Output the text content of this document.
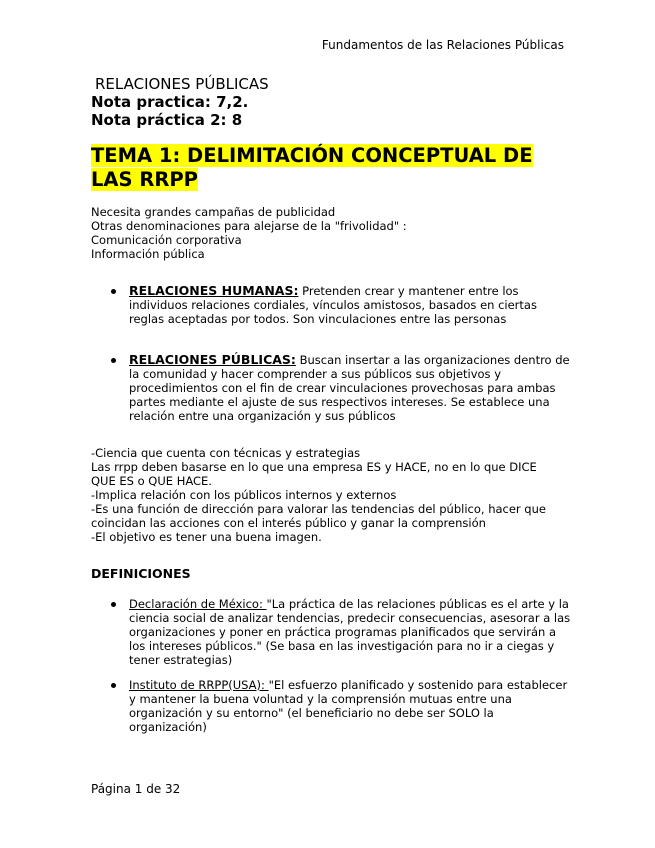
Fundamentos de las Relaciones Públicas
RELACIONES PÚBLICAS
Nota practica: 7,2.
Nota práctica 2: 8
TEMA 1: DELIMITACIÓN CONCEPTUAL DE
LAS RRPP
Necesita grandes campañas de publicidad
Otras denominaciones para alejarse de la "frivolidad" :
Comunicación corporativa
Información pública
RELACIONES HUMANAS: Pretenden crear y mantener entre los individuos relaciones cordiales, vínculos amistosos, basados en ciertas reglas aceptadas por todos. Son vinculaciones entre las personas
RELACIONES PÚBLICAS: Buscan insertar a las organizaciones dentro de la comunidad y hacer comprender a sus públicos sus objetivos y procedimientos con el fin de crear vinculaciones provechosas para ambas partes mediante el ajuste de sus respectivos intereses. Se establece una relación entre una organización y sus públicos
-Ciencia que cuenta con técnicas y estrategias
Las rrpp deben basarse en lo que una empresa ES y HACE, no en lo que DICE
QUE ES o QUE HACE.
-Implica relación con los públicos internos y externos
-Es una función de dirección para valorar las tendencias del público, hacer que
coincidan las acciones con el interés público y ganar la comprensión
-El objetivo es tener una buena imagen.
DEFINICIONES
Declaración de México: "La práctica de las relaciones públicas es el arte y la ciencia social de analizar tendencias, predecir consecuencias, asesorar a las organizaciones y poner en práctica programas planificados que servirán a los intereses públicos." (Se basa en las investigación para no ir a ciegas y tener estrategias)
Instituto de RRPP(USA): "El esfuerzo planificado y sostenido para establecer y mantener la buena voluntad y la comprensión mutuas entre una organización y su entorno" (el beneficiario no debe ser SOLO la organización)
Página 1 de 32
